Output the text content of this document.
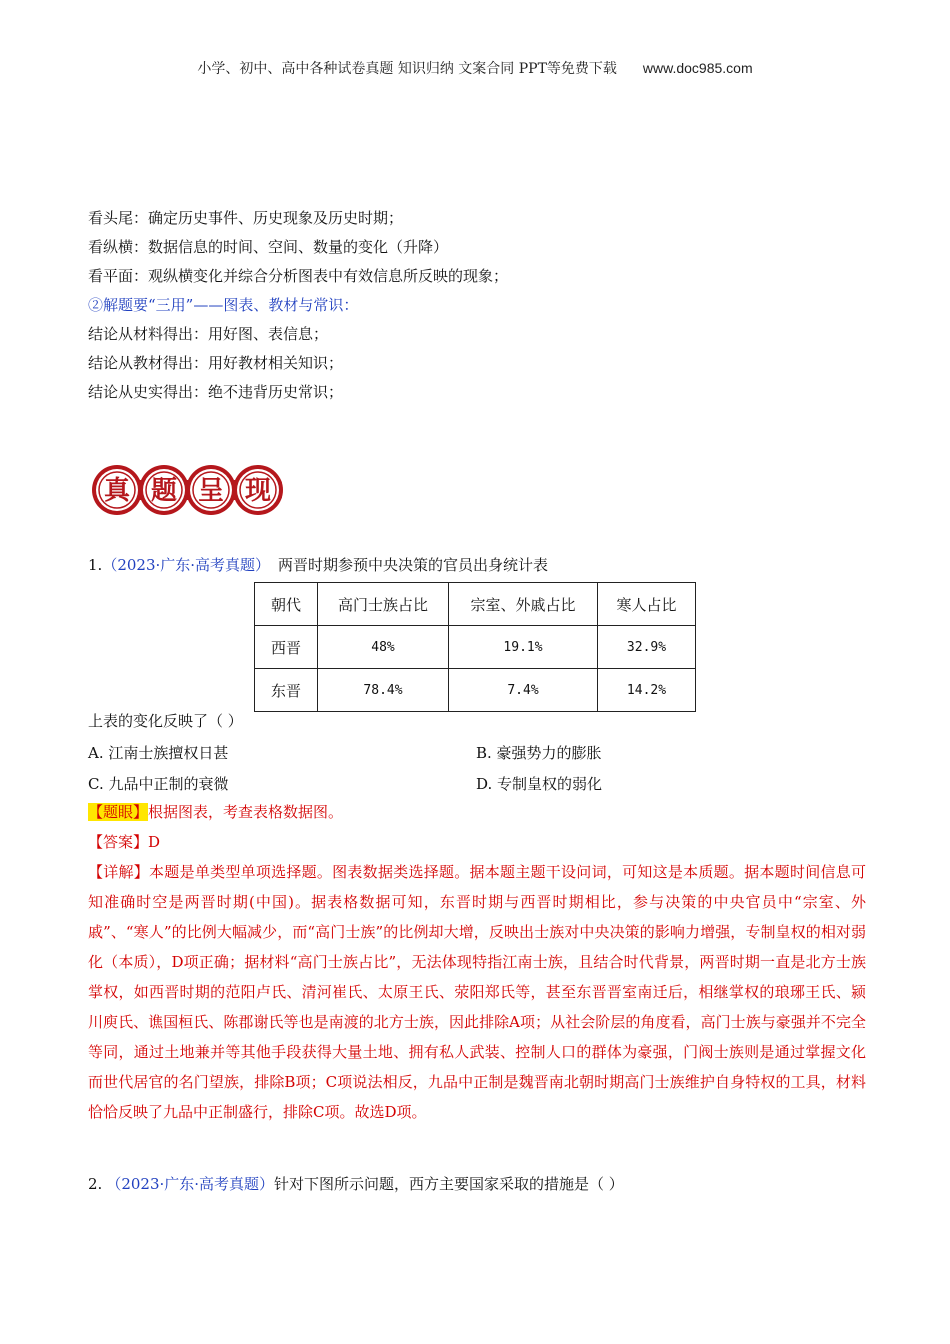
小学、初中、高中各种试卷真题 知识归纳 文案合同 PPT等免费下载 www.doc985.com
看头尾：确定历史事件、历史现象及历史时期；
看纵横：数据信息的时间、空间、数量的变化（升降）
看平面：观纵横变化并综合分析图表中有效信息所反映的现象；
②解题要“三用”——图表、教材与常识：
结论从材料得出：用好图、表信息；
结论从教材得出：用好教材相关知识；
结论从史实得出：绝不违背历史常识；
真 题 呈 现
1.（2023·广东·高考真题） 两晋时期参预中央决策的官员出身统计表
朝代	高门士族占比	宗室、外戚占比	寒人占比
西晋	48%	19.1%	32.9%
东晋	78.4%	7.4%	14.2%
上表的变化反映了（ ）
A. 江南士族擅权日甚	B. 豪强势力的膨胀
C. 九品中正制的衰微	D. 专制皇权的弱化
【题眼】根据图表，考查表格数据图。
【答案】D
【详解】本题是单类型单项选择题。图表数据类选择题。据本题主题干设问词，可知这是本质题。据本题时间信息可知准确时空是两晋时期(中国)。据表格数据可知，东晋时期与西晋时期相比，参与决策的中央官员中“宗室、外戚”、“寒人”的比例大幅减少，而“高门士族”的比例却大增，反映出士族对中央决策的影响力增强，专制皇权的相对弱化（本质），D项正确；据材料“高门士族占比”，无法体现特指江南士族，且结合时代背景，两晋时期一直是北方士族掌权，如西晋时期的范阳卢氏、清河崔氏、太原王氏、荥阳郑氏等，甚至东晋晋室南迁后，相继掌权的琅琊王氏、颍川庾氏、谯国桓氏、陈郡谢氏等也是南渡的北方士族，因此排除A项；从社会阶层的角度看，高门士族与豪强并不完全等同，通过土地兼并等其他手段获得大量土地、拥有私人武装、控制人口的群体为豪强，门阀士族则是通过掌握文化而世代居官的名门望族，排除B项；C项说法相反，九品中正制是魏晋南北朝时期高门士族维护自身特权的工具，材料恰恰反映了九品中正制盛行，排除C项。故选D项。
2. （2023·广东·高考真题）针对下图所示问题，西方主要国家采取的措施是（ ）
